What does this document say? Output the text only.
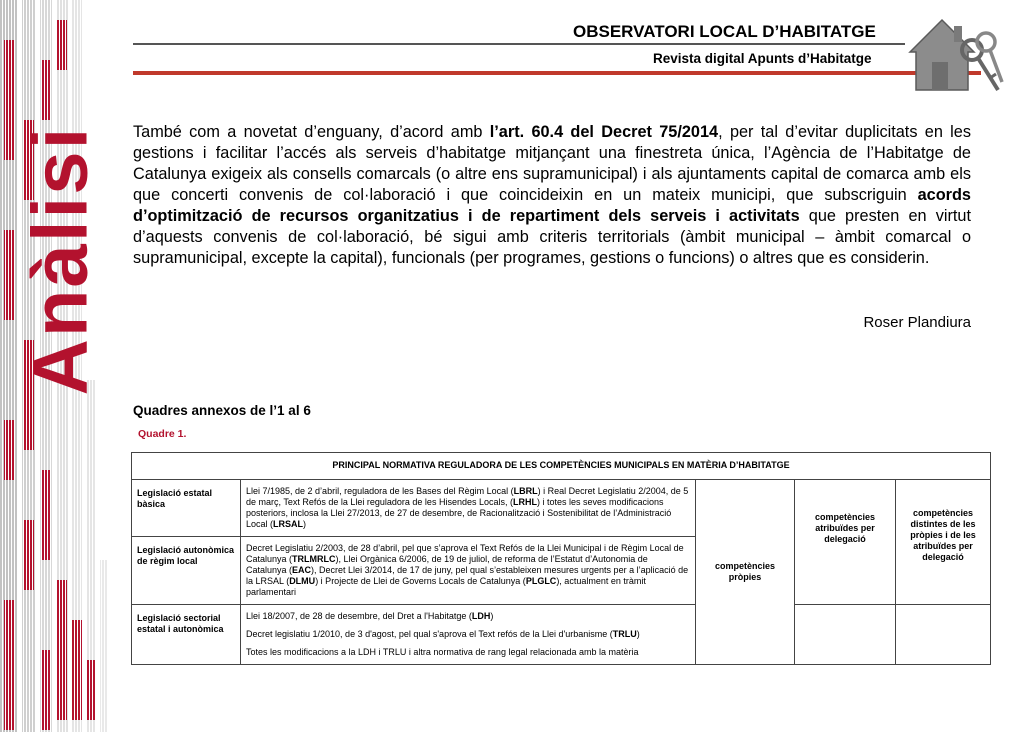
Anàlisi
OBSERVATORI LOCAL D’HABITATGE
Revista digital Apunts d’Habitatge
També com a novetat d’enguany, d’acord amb l’art. 60.4 del Decret 75/2014, per tal d’evitar duplicitats en les gestions i facilitar l’accés als serveis d’habitatge mitjançant una finestreta única, l’Agència de l’Habitatge de Catalunya exigeix als consells comarcals (o altre ens supramunicipal) i als ajuntaments capital de comarca amb els que concerti convenis de col·laboració i que coincideixin en un mateix municipi, que subscriguin acords d’optimització de recursos organitzatius i de repartiment dels serveis i activitats que presten en virtut d’aquests convenis de col·laboració, bé sigui amb criteris territorials (àmbit municipal – àmbit comarcal o supramunicipal, excepte la capital), funcionals (per programes, gestions o funcions) o altres que es considerin.
Roser Plandiura
Quadres annexos de l’1 al 6
Quadre 1.
PRINCIPAL NORMATIVA REGULADORA DE LES COMPETÈNCIES MUNICIPALS EN MATÈRIA D’HABITATGE				
Legislació estatal bàsica	Llei 7/1985, de 2 d’abril, reguladora de les Bases del Règim Local (LBRL) i Real Decret Legislatiu 2/2004, de 5 de març, Text Refós de la Llei reguladora de les Hisendes Locals, (LRHL) i totes les seves modificacions posteriors, inclosa la Llei 27/2013, de 27 de desembre, de Racionalització i Sostenibilitat de l’Administració Local (LRSAL)	competències pròpies	competències atribuïdes per delegació	competències distintes de les pròpies i de les atribuïdes per delegació
Legislació autonòmica de règim local	Decret Legislatiu 2/2003, de 28 d’abril, pel que s’aprova el Text Refós de la Llei Municipal i de Règim Local de Catalunya (TRLMRLC), Llei Orgànica 6/2006, de 19 de juliol, de reforma de l’Estatut d’Autonomia de Catalunya (EAC), Decret Llei 3/2014, de 17 de juny, pel qual s’estableixen mesures urgents per a l’aplicació de la LRSAL (DLMU) i Projecte de Llei de Governs Locals de Catalunya (PLGLC), actualment en tràmit parlamentari			
Legislació sectorial estatal i autonòmica	Llei 18/2007, de 28 de desembre, del Dret a l'Habitatge (LDH)

Decret legislatiu 1/2010, de 3 d'agost, pel qual s'aprova el Text refós de la Llei d'urbanisme (TRLU)

Totes les modificacions a la LDH i TRLU i altra normativa de rang legal relacionada amb la matèria			
